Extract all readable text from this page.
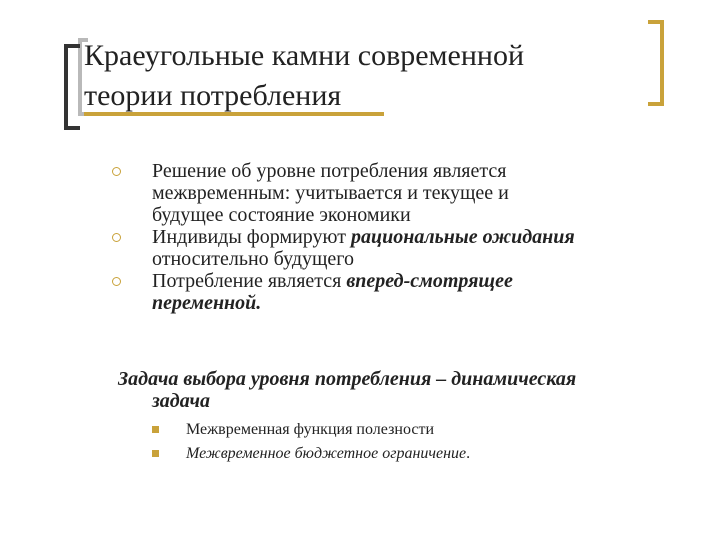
Краеугольные камни современной
теории потребления
Решение об уровне потребления является
межвременным: учитывается и текущее и
будущее состояние экономики
Индивиды формируют рациональные ожидания
относительно будущего
Потребление является вперед-смотрящее
переменной.
Задача выбора уровня потребления – динамическая
задача
Межвременная функция полезности
Межвременное бюджетное ограничение.
